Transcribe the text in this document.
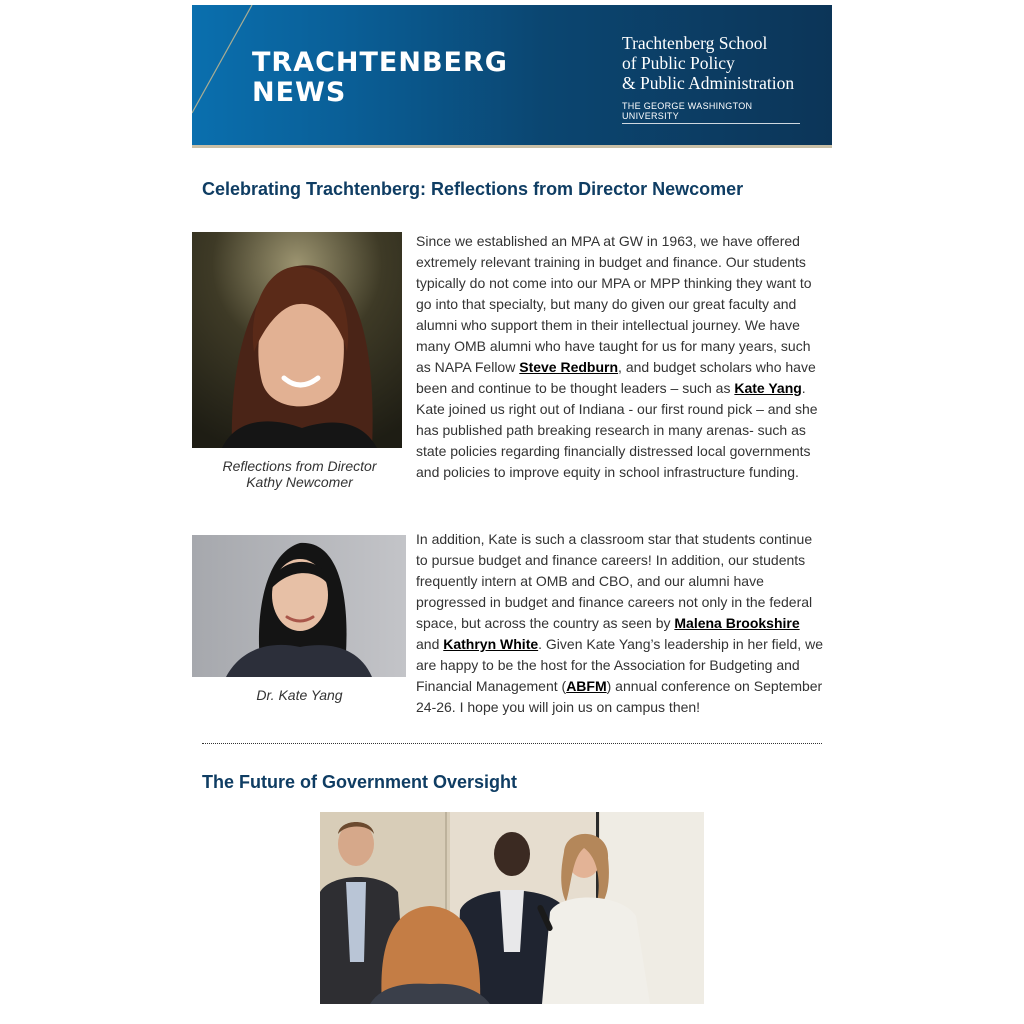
TRACHTENBERG
NEWS
Trachtenberg School
of Public Policy
& Public Administration
THE GEORGE WASHINGTON UNIVERSITY
Celebrating Trachtenberg: Reflections from Director Newcomer
Reflections from Director
Kathy Newcomer
Since we established an MPA at GW in 1963, we have offered extremely relevant training in budget and finance. Our students typically do not come into our MPA or MPP thinking they want to go into that specialty, but many do given our great faculty and alumni who support them in their intellectual journey. We have many OMB alumni who have taught for us for many years, such as NAPA Fellow Steve Redburn, and budget scholars who have been and continue to be thought leaders – such as Kate Yang. Kate joined us right out of Indiana - our first round pick – and she has published path breaking research in many arenas- such as state policies regarding financially distressed local governments and policies to improve equity in school infrastructure funding.
Dr. Kate Yang
In addition, Kate is such a classroom star that students continue to pursue budget and finance careers! In addition, our students frequently intern at OMB and CBO, and our alumni have progressed in budget and finance careers not only in the federal space, but across the country as seen by Malena Brookshire and Kathryn White. Given Kate Yang’s leadership in her field, we are happy to be the host for the Association for Budgeting and Financial Management (ABFM) annual conference on September 24-26. I hope you will join us on campus then!
The Future of Government Oversight
